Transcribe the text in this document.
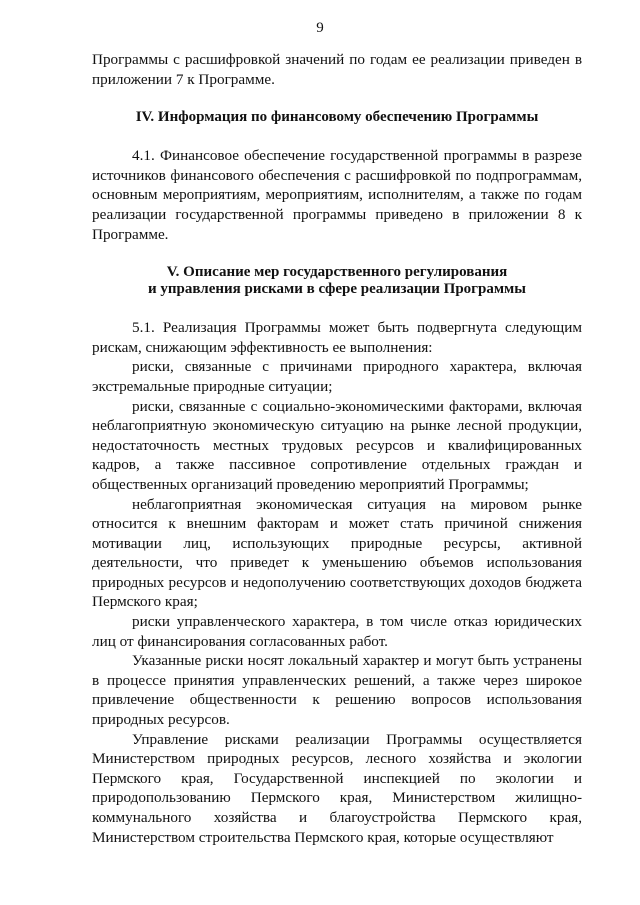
9

Программы с расшифровкой значений по годам ее реализации приведен в приложении 7 к Программе.

IV. Информация по финансовому обеспечению Программы

4.1. Финансовое обеспечение государственной программы в разрезе источников финансового обеспечения с расшифровкой по подпрограммам, основным мероприятиям, мероприятиям, исполнителям, а также по годам реализации государственной программы приведено в приложении 8 к Программе.

V. Описание мер государственного регулирования
и управления рисками в сфере реализации Программы

5.1. Реализация Программы может быть подвергнута следующим рискам, снижающим эффективность ее выполнения:

риски, связанные с причинами природного характера, включая экстремальные природные ситуации;

риски, связанные с социально-экономическими факторами, включая неблагоприятную экономическую ситуацию на рынке лесной продукции, недостаточность местных трудовых ресурсов и квалифицированных кадров, а также пассивное сопротивление отдельных граждан и общественных организаций проведению мероприятий Программы;

неблагоприятная экономическая ситуация на мировом рынке относится к внешним факторам и может стать причиной снижения мотивации лиц, использующих природные ресурсы, активной деятельности, что приведет к уменьшению объемов использования природных ресурсов и недополучению соответствующих доходов бюджета Пермского края;

риски управленческого характера, в том числе отказ юридических лиц от финансирования согласованных работ.

Указанные риски носят локальный характер и могут быть устранены в процессе принятия управленческих решений, а также через широкое привлечение общественности к решению вопросов использования природных ресурсов.

Управление рисками реализации Программы осуществляется Министерством природных ресурсов, лесного хозяйства и экологии Пермского края, Государственной инспекцией по экологии и природопользованию Пермского края, Министерством жилищно-коммунального хозяйства и благоустройства Пермского края, Министерством строительства Пермского края, которые осуществляют
